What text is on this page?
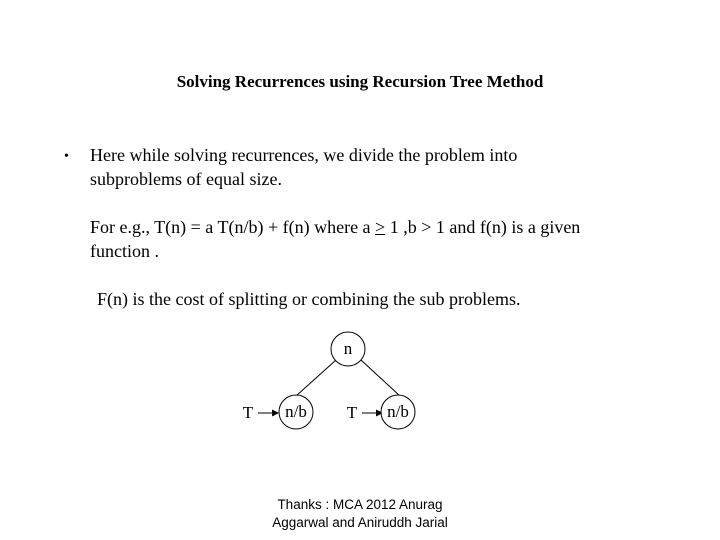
Solving Recurrences using Recursion Tree Method
• Here while solving recurrences, we divide the problem into
subproblems of equal size.
For e.g., T(n) = a T(n/b) + f(n) where a ≥ 1 ,b > 1 and f(n) is a given
function .
F(n) is the cost of splitting or combining the sub problems.
n
T n/b T n/b
Thanks : MCA 2012 Anurag
Aggarwal and Aniruddh Jarial
